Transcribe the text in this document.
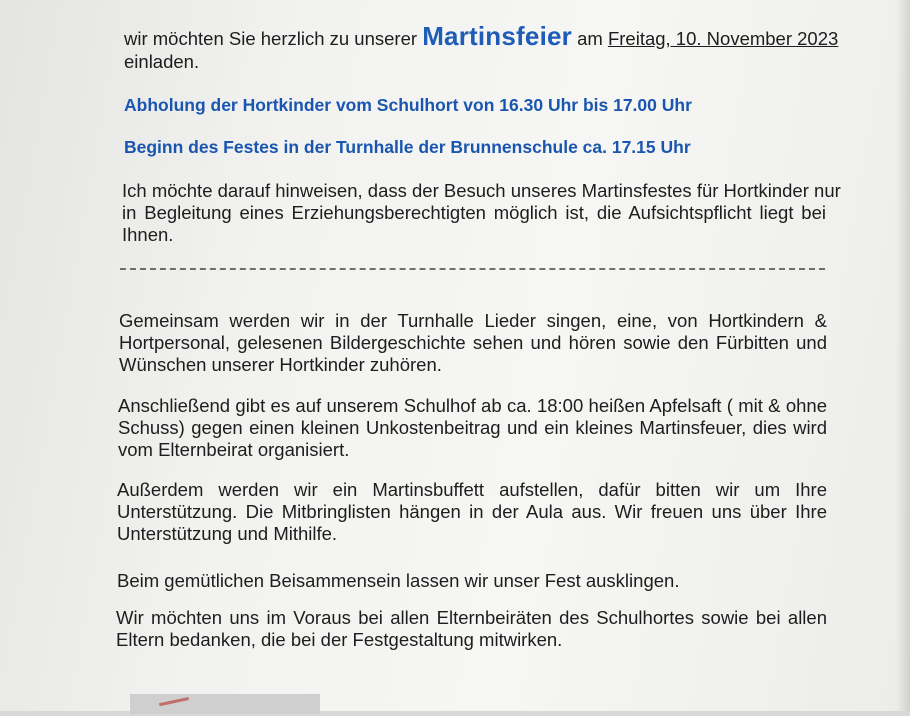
wir möchten Sie herzlich zu unserer Martinsfeier am Freitag, 10. November 2023
einladen.
Abholung der Hortkinder vom Schulhort von 16.30 Uhr bis 17.00 Uhr
Beginn des Festes in der Turnhalle der Brunnenschule ca. 17.15 Uhr
Ich möchte darauf hinweisen, dass der Besuch unseres Martinsfestes für Hortkinder nur
in Begleitung eines Erziehungsberechtigten möglich ist, die Aufsichtspflicht liegt bei
Ihnen.
Gemeinsam werden wir in der Turnhalle Lieder singen, eine, von Hortkindern &
Hortpersonal, gelesenen Bildergeschichte sehen und hören sowie den Fürbitten und
Wünschen unserer Hortkinder zuhören.
Anschließend gibt es auf unserem Schulhof ab ca. 18:00 heißen Apfelsaft ( mit & ohne
Schuss) gegen einen kleinen Unkostenbeitrag und ein kleines Martinsfeuer, dies wird
vom Elternbeirat organisiert.
Außerdem werden wir ein Martinsbuffett aufstellen, dafür bitten wir um Ihre
Unterstützung. Die Mitbringlisten hängen in der Aula aus. Wir freuen uns über Ihre
Unterstützung und Mithilfe.
Beim gemütlichen Beisammensein lassen wir unser Fest ausklingen.
Wir möchten uns im Voraus bei allen Elternbeiräten des Schulhortes sowie bei allen
Eltern bedanken, die bei der Festgestaltung mitwirken.
